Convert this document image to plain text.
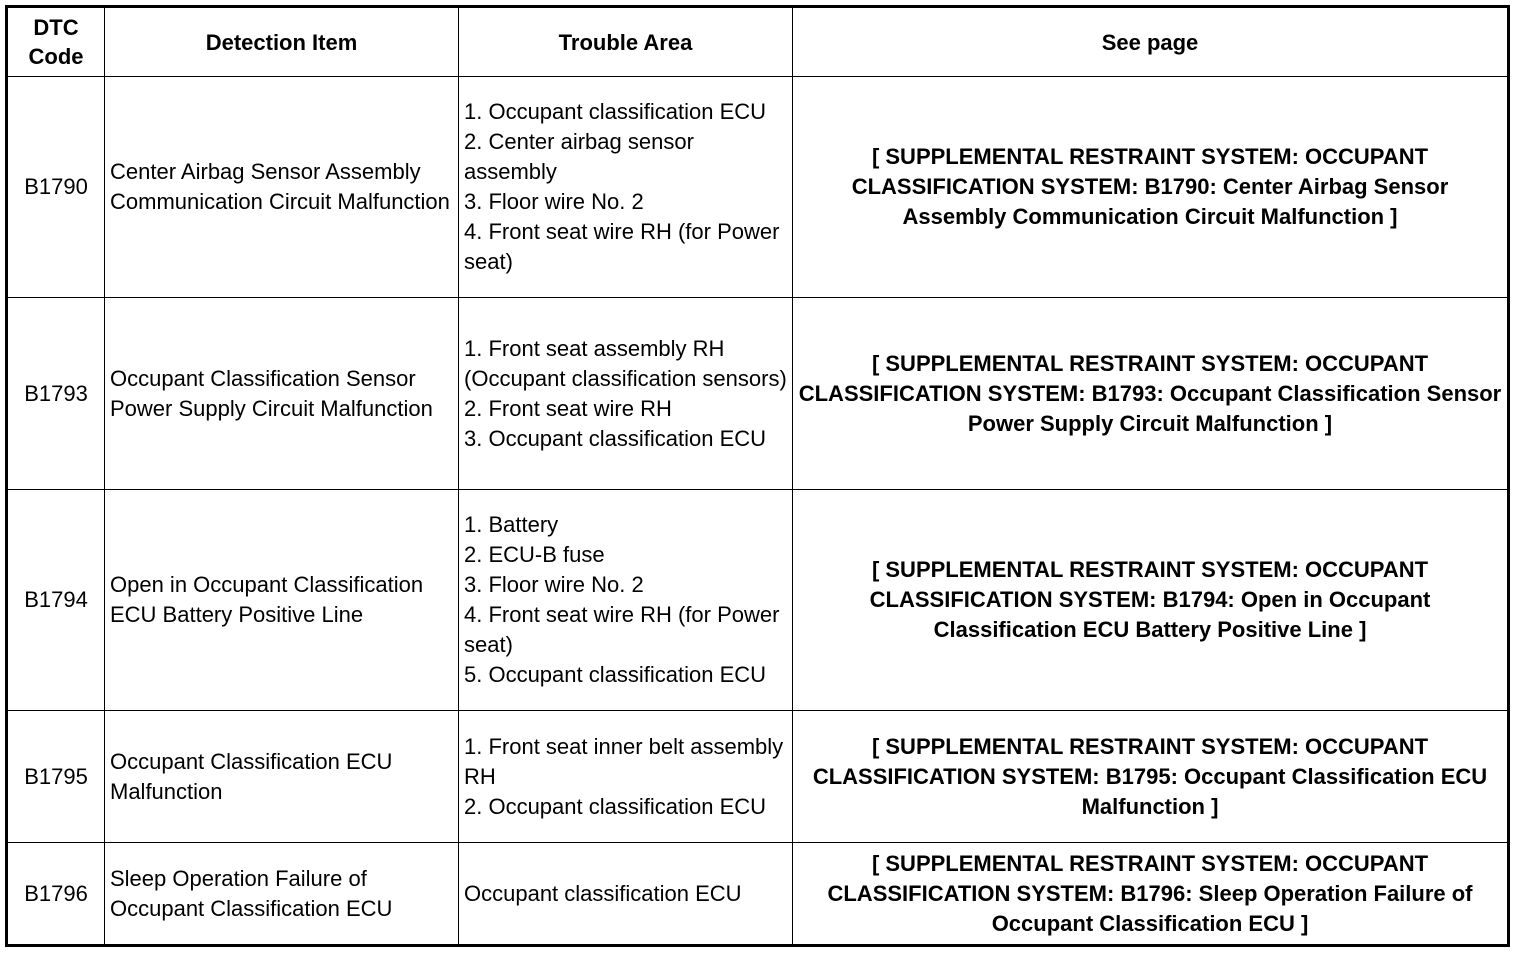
DTC
Code	Detection Item	Trouble Area	See page
B1790	Center Airbag Sensor Assembly Communication Circuit Malfunction	1. Occupant classification ECU
2. Center airbag sensor assembly
3. Floor wire No. 2
4. Front seat wire RH (for Power seat)	[ SUPPLEMENTAL RESTRAINT SYSTEM: OCCUPANT CLASSIFICATION SYSTEM: B1790: Center Airbag Sensor Assembly Communication Circuit Malfunction ]
B1793	Occupant Classification Sensor Power Supply Circuit Malfunction	1. Front seat assembly RH (Occupant classification sensors)
2. Front seat wire RH
3. Occupant classification ECU	[ SUPPLEMENTAL RESTRAINT SYSTEM: OCCUPANT CLASSIFICATION SYSTEM: B1793: Occupant Classification Sensor Power Supply Circuit Malfunction ]
B1794	Open in Occupant Classification ECU Battery Positive Line	1. Battery
2. ECU-B fuse
3. Floor wire No. 2
4. Front seat wire RH (for Power seat)
5. Occupant classification ECU	[ SUPPLEMENTAL RESTRAINT SYSTEM: OCCUPANT CLASSIFICATION SYSTEM: B1794: Open in Occupant Classification ECU Battery Positive Line ]
B1795	Occupant Classification ECU Malfunction	1. Front seat inner belt assembly RH
2. Occupant classification ECU	[ SUPPLEMENTAL RESTRAINT SYSTEM: OCCUPANT CLASSIFICATION SYSTEM: B1795: Occupant Classification ECU Malfunction ]
B1796	Sleep Operation Failure of Occupant Classification ECU	Occupant classification ECU	[ SUPPLEMENTAL RESTRAINT SYSTEM: OCCUPANT CLASSIFICATION SYSTEM: B1796: Sleep Operation Failure of Occupant Classification ECU ]
